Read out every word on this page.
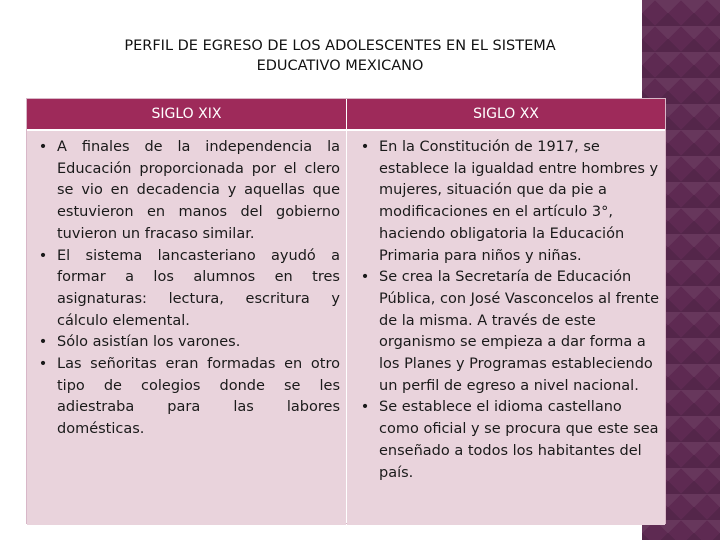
PERFIL DE EGRESO DE LOS ADOLESCENTES EN EL SISTEMA
EDUCATIVO MEXICANO
SIGLO XIX
• A finales de la independencia la Educación proporcionada por el clero se vio en decadencia y aquellas que estuvieron en manos del gobierno tuvieron un fracaso similar.
• El sistema lancasteriano ayudó a formar a los alumnos en tres asignaturas: lectura, escritura y cálculo elemental.
• Sólo asistían los varones.
• Las señoritas eran formadas en otro tipo de colegios donde se les adiestraba para las labores domésticas.
SIGLO XX
• En la Constitución de 1917, se establece la igualdad entre hombres y mujeres, situación que da pie a modificaciones en el artículo 3°, haciendo obligatoria la Educación Primaria para niños y niñas.
• Se crea la Secretaría de Educación Pública, con José Vasconcelos al frente de la misma. A través de este organismo se empieza a dar forma a los Planes y Programas estableciendo un perfil de egreso a nivel nacional.
• Se establece el idioma castellano como oficial y se procura que este sea enseñado a todos los habitantes del país.
